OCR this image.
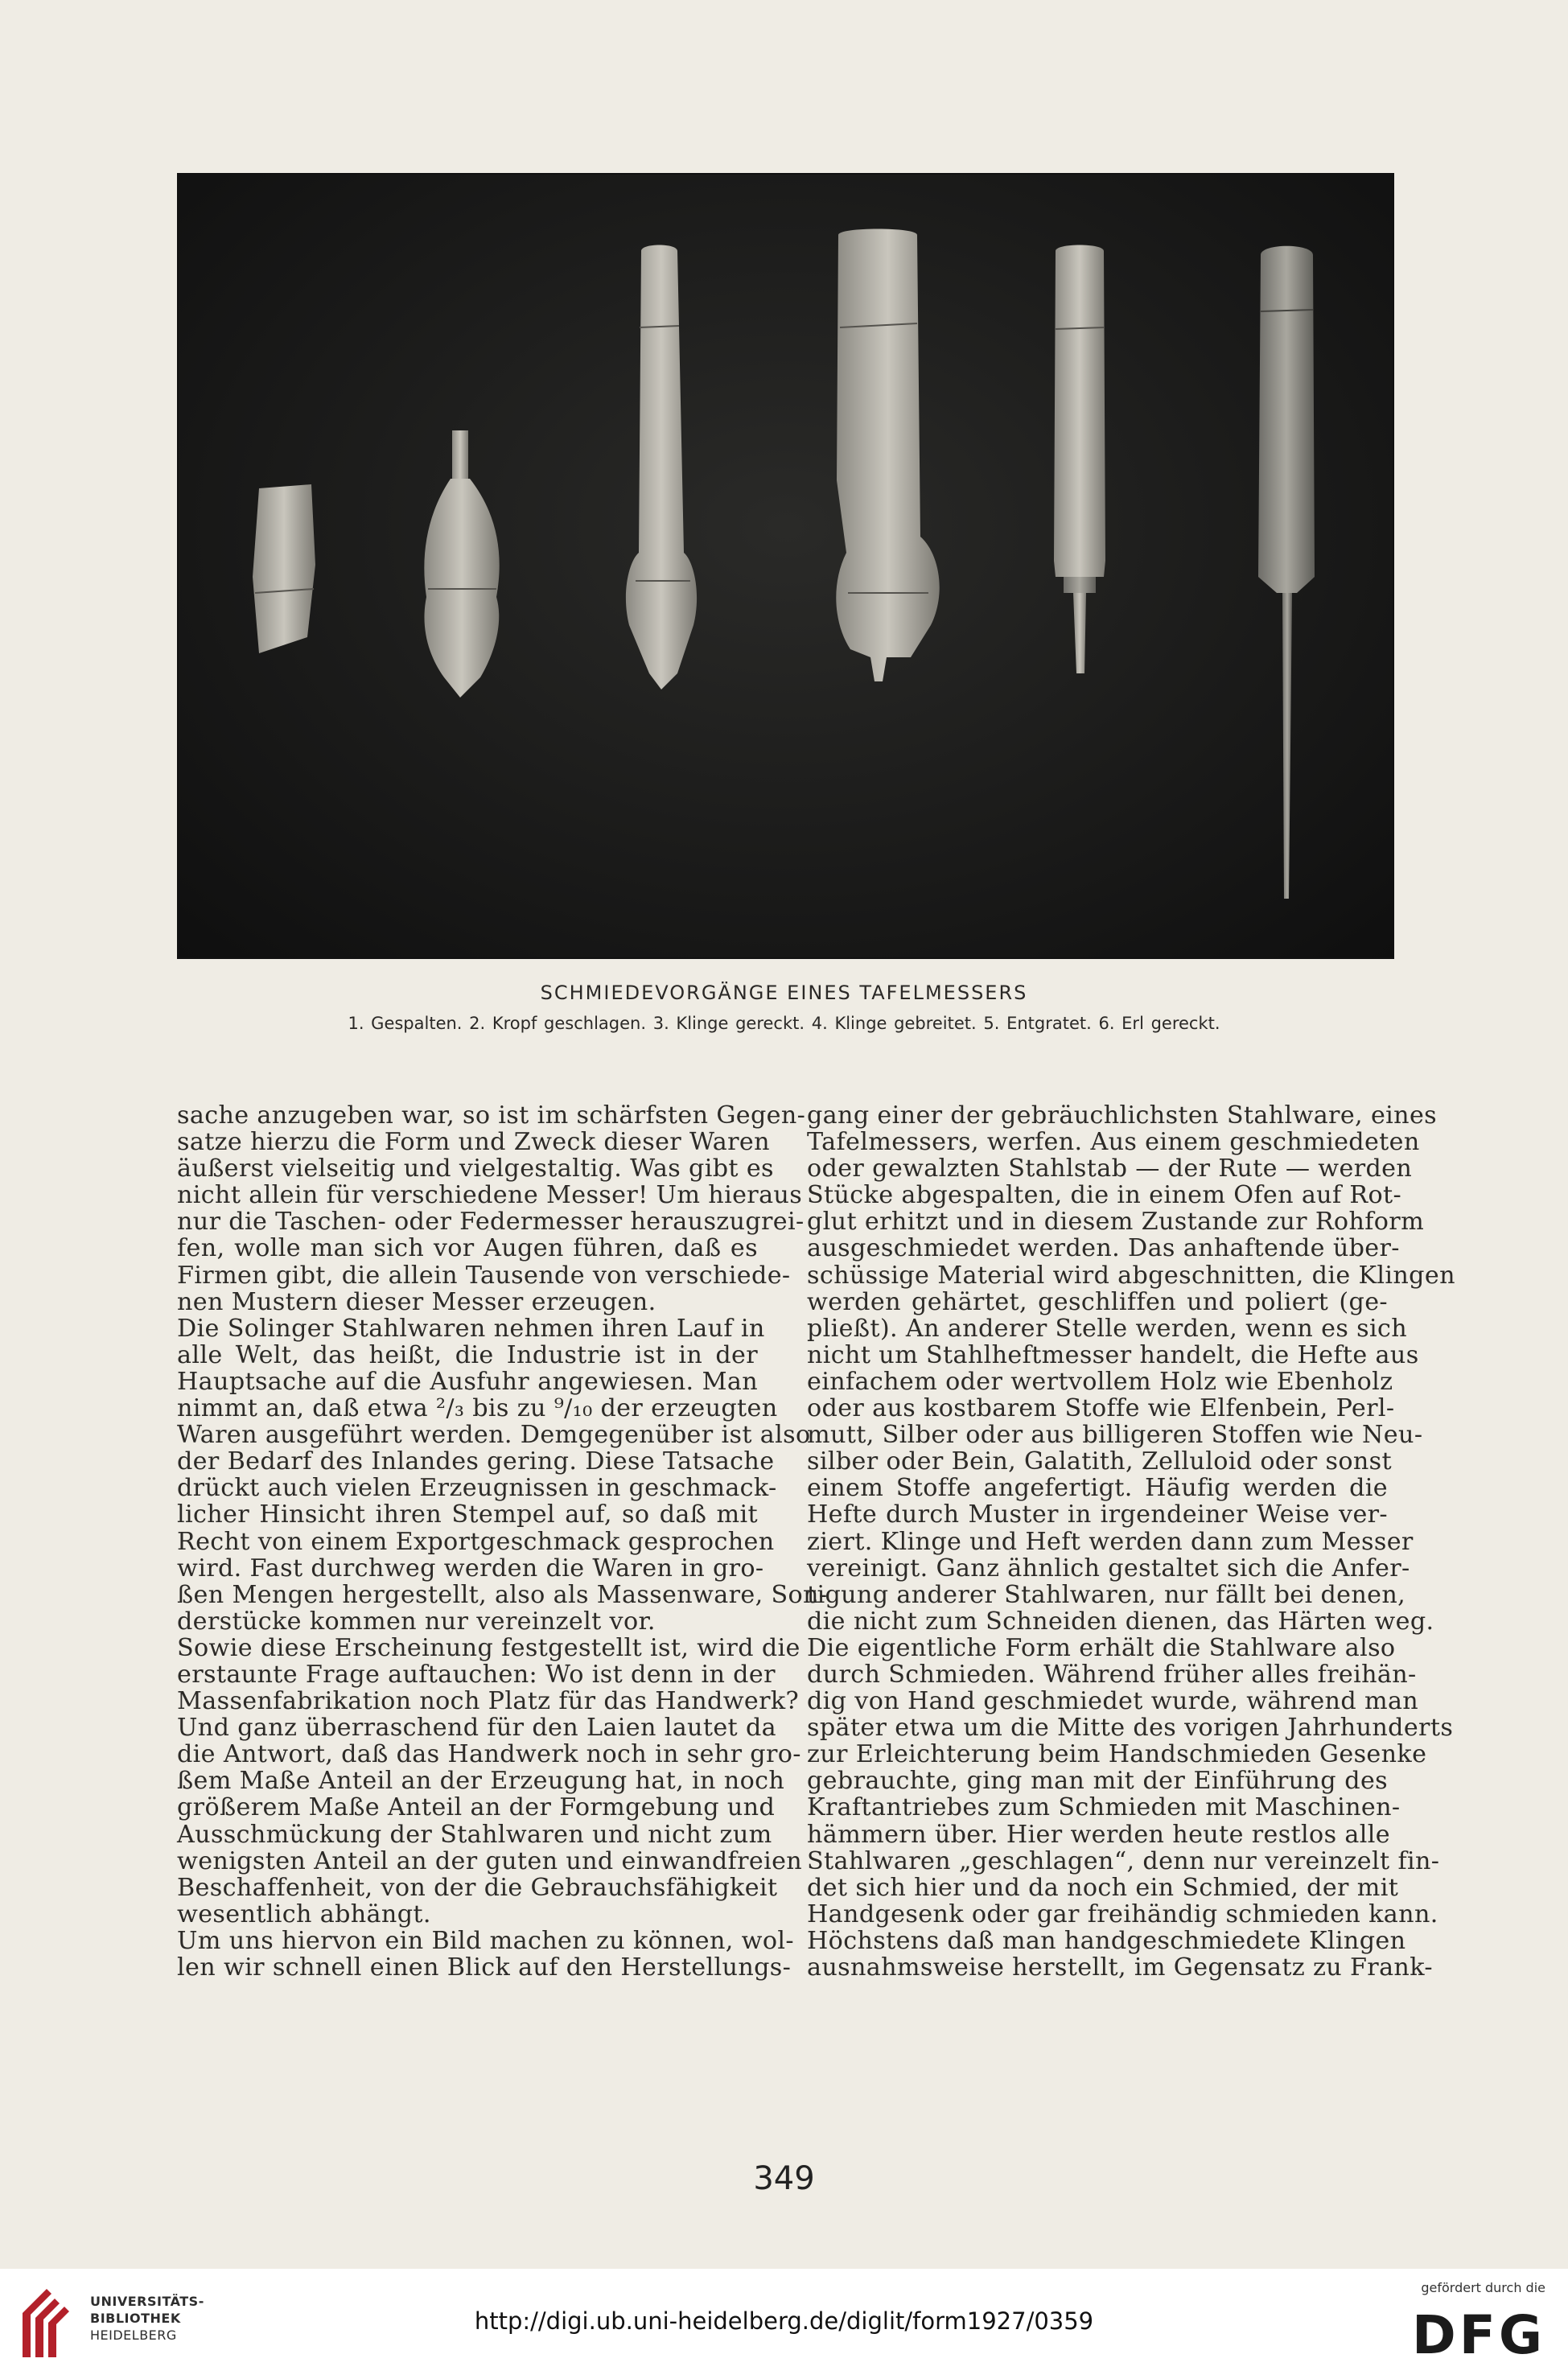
SCHMIEDEVORGÄNGE EINES TAFELMESSERS
1. Gespalten. 2. Kropf geschlagen. 3. Klinge gereckt. 4. Klinge gebreitet. 5. Entgratet. 6. Erl gereckt.
sache anzugeben war, so ist im schärfsten Gegen-
satze hierzu die Form und Zweck dieser Waren
äußerst vielseitig und vielgestaltig. Was gibt es
nicht allein für verschiedene Messer! Um hieraus
nur die Taschen- oder Federmesser herauszugrei-
fen, wolle man sich vor Augen führen, daß es
Firmen gibt, die allein Tausende von verschiede-
nen Mustern dieser Messer erzeugen.
Die Solinger Stahlwaren nehmen ihren Lauf in
alle Welt, das heißt, die Industrie ist in der
Hauptsache auf die Ausfuhr angewiesen. Man
nimmt an, daß etwa ²/₃ bis zu ⁹/₁₀ der erzeugten
Waren ausgeführt werden. Demgegenüber ist also
der Bedarf des Inlandes gering. Diese Tatsache
drückt auch vielen Erzeugnissen in geschmack-
licher Hinsicht ihren Stempel auf, so daß mit
Recht von einem Exportgeschmack gesprochen
wird. Fast durchweg werden die Waren in gro-
ßen Mengen hergestellt, also als Massenware, Son-
derstücke kommen nur vereinzelt vor.
Sowie diese Erscheinung festgestellt ist, wird die
erstaunte Frage auftauchen: Wo ist denn in der
Massenfabrikation noch Platz für das Handwerk?
Und ganz überraschend für den Laien lautet da
die Antwort, daß das Handwerk noch in sehr gro-
ßem Maße Anteil an der Erzeugung hat, in noch
größerem Maße Anteil an der Formgebung und
Ausschmückung der Stahlwaren und nicht zum
wenigsten Anteil an der guten und einwandfreien
Beschaffenheit, von der die Gebrauchsfähigkeit
wesentlich abhängt.
Um uns hiervon ein Bild machen zu können, wol-
len wir schnell einen Blick auf den Herstellungs-
gang einer der gebräuchlichsten Stahlware, eines
Tafelmessers, werfen. Aus einem geschmiedeten
oder gewalzten Stahlstab — der Rute — werden
Stücke abgespalten, die in einem Ofen auf Rot-
glut erhitzt und in diesem Zustande zur Rohform
ausgeschmiedet werden. Das anhaftende über-
schüssige Material wird abgeschnitten, die Klingen
werden gehärtet, geschliffen und poliert (ge-
pließt). An anderer Stelle werden, wenn es sich
nicht um Stahlheftmesser handelt, die Hefte aus
einfachem oder wertvollem Holz wie Ebenholz
oder aus kostbarem Stoffe wie Elfenbein, Perl-
mutt, Silber oder aus billigeren Stoffen wie Neu-
silber oder Bein, Galatith, Zelluloid oder sonst
einem Stoffe angefertigt. Häufig werden die
Hefte durch Muster in irgendeiner Weise ver-
ziert. Klinge und Heft werden dann zum Messer
vereinigt. Ganz ähnlich gestaltet sich die Anfer-
tigung anderer Stahlwaren, nur fällt bei denen,
die nicht zum Schneiden dienen, das Härten weg.
Die eigentliche Form erhält die Stahlware also
durch Schmieden. Während früher alles freihän-
dig von Hand geschmiedet wurde, während man
später etwa um die Mitte des vorigen Jahrhunderts
zur Erleichterung beim Handschmieden Gesenke
gebrauchte, ging man mit der Einführung des
Kraftantriebes zum Schmieden mit Maschinen-
hämmern über. Hier werden heute restlos alle
Stahlwaren „geschlagen“, denn nur vereinzelt fin-
det sich hier und da noch ein Schmied, der mit
Handgesenk oder gar freihändig schmieden kann.
Höchstens daß man handgeschmiedete Klingen
ausnahmsweise herstellt, im Gegensatz zu Frank-
349
UNIVERSITÄTS-
BIBLIOTHEK
HEIDELBERG
http://digi.ub.uni-heidelberg.de/diglit/form1927/0359
gefördert durch die
DFG
